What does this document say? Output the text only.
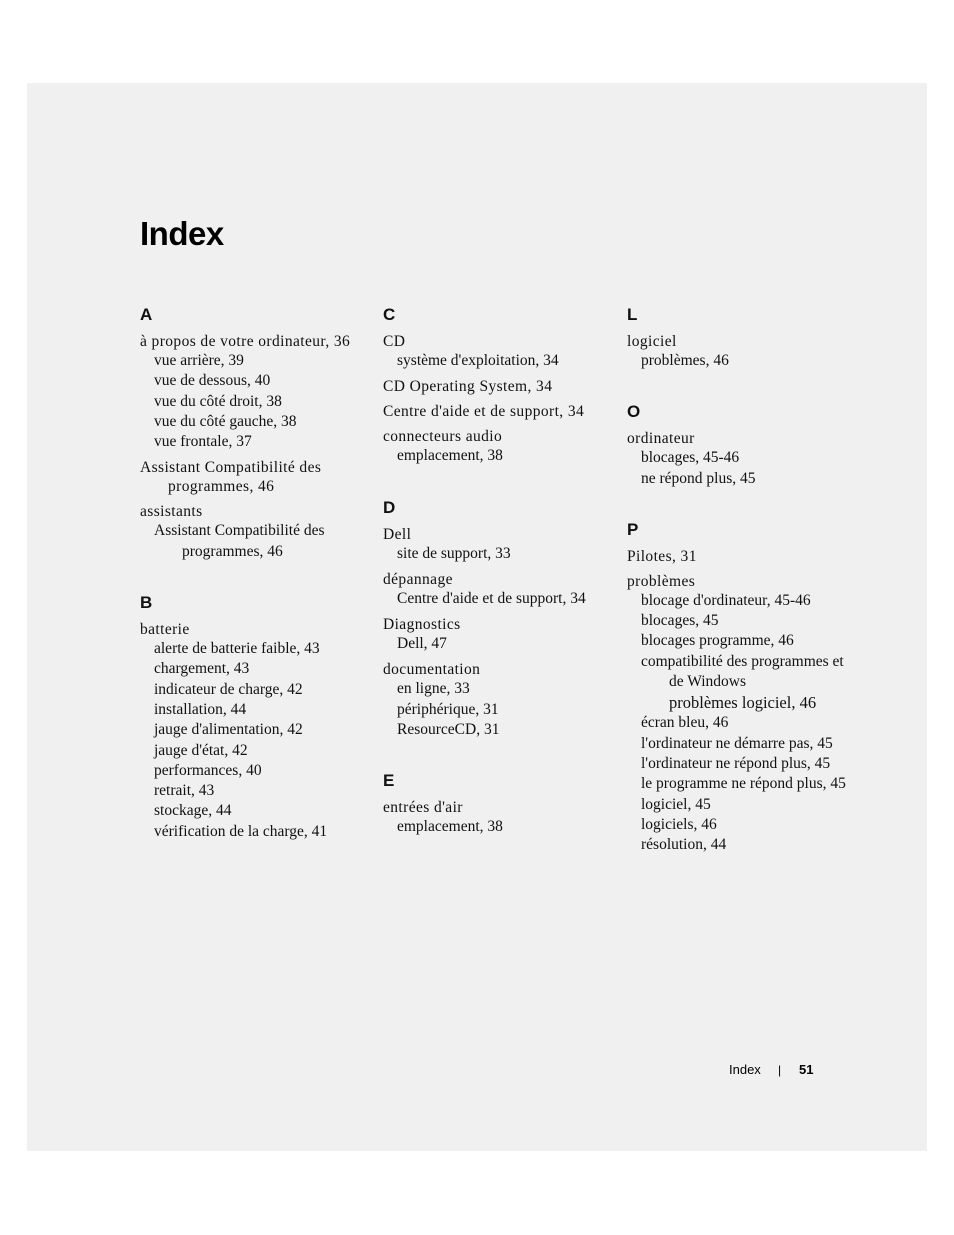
Index
A
à propos de votre ordinateur, 36
vue arrière, 39
vue de dessous, 40
vue du côté droit, 38
vue du côté gauche, 38
vue frontale, 37
Assistant Compatibilité des programmes, 46
assistants
Assistant Compatibilité des programmes, 46
B
batterie
alerte de batterie faible, 43
chargement, 43
indicateur de charge, 42
installation, 44
jauge d'alimentation, 42
jauge d'état, 42
performances, 40
retrait, 43
stockage, 44
vérification de la charge, 41
C
CD
système d'exploitation, 34
CD Operating System, 34
Centre d'aide et de support, 34
connecteurs audio
emplacement, 38
D
Dell
site de support, 33
dépannage
Centre d'aide et de support, 34
Diagnostics
Dell, 47
documentation
en ligne, 33
périphérique, 31
ResourceCD, 31
E
entrées d'air
emplacement, 38
L
logiciel
problèmes, 46
O
ordinateur
blocages, 45-46
ne répond plus, 45
P
Pilotes, 31
problèmes
blocage d'ordinateur, 45-46
blocages, 45
blocages programme, 46
compatibilité des programmes et de Windows
problèmes logiciel, 46
écran bleu, 46
l'ordinateur ne démarre pas, 45
l'ordinateur ne répond plus, 45
le programme ne répond plus, 45
logiciel, 45
logiciels, 46
résolution, 44
Index | 51
